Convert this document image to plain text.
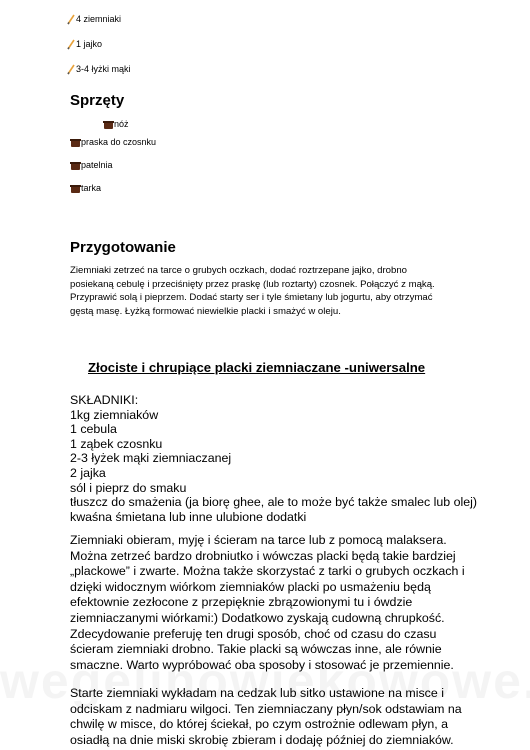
4 ziemniaki
1 jajko
3-4 łyżki mąki
Sprzęty
nóż
praska do czosnku
patelnia
tarka
Przygotowanie
Ziemniaki zetrzeć na tarce o grubych oczkach, dodać roztrzepane jajko, drobno
posiekaną cebulę i przeciśnięty przez praskę (lub roztarty) czosnek. Połączyć z mąką.
Przyprawić solą i pieprzem. Dodać starty ser i tyle śmietany lub jogurtu, aby otrzymać
gęstą masę. Łyżką formować niewielkie placki i smażyć w oleju.
Złociste i chrupiące placki ziemniaczane -uniwersalne
SKŁADNIKI:
1kg ziemniaków
1 cebula
1 ząbek czosnku
2-3 łyżek mąki ziemniaczanej
2 jajka
sól i pieprz do smaku
tłuszcz do smażenia (ja biorę ghee, ale to może być także smalec lub olej)
kwaśna śmietana lub inne ulubione dodatki
Ziemniaki obieram, myję i ścieram na tarce lub z pomocą malaksera.
Można zetrzeć bardzo drobniutko i wówczas placki będą takie bardziej
„plackowe” i zwarte. Można także skorzystać z tarki o grubych oczkach i
dzięki widocznym wiórkom ziemniaków placki po usmażeniu będą
efektownie zezłocone z przepięknie zbrązowionymi tu i ówdzie
ziemniaczanymi wiórkami:) Dodatkowo zyskają cudowną chrupkość.
Zdecydowanie preferuję ten drugi sposób, choć od czasu do czasu
ścieram ziemniaki drobno. Takie placki są wówczas inne, ale równie
smaczne. Warto wypróbować oba sposoby i stosować je przemiennie.
Starte ziemniaki wykładam na cedzak lub sitko ustawione na misce i
odciskam z nadmiaru wilgoci. Ten ziemniaczany płyn/sok odstawiam na
chwilę w misce, do której ściekał, po czym ostrożnie odlewam płyn, a
osiadłą na dnie miski skrobię zbieram i dodaję później do ziemniaków.
